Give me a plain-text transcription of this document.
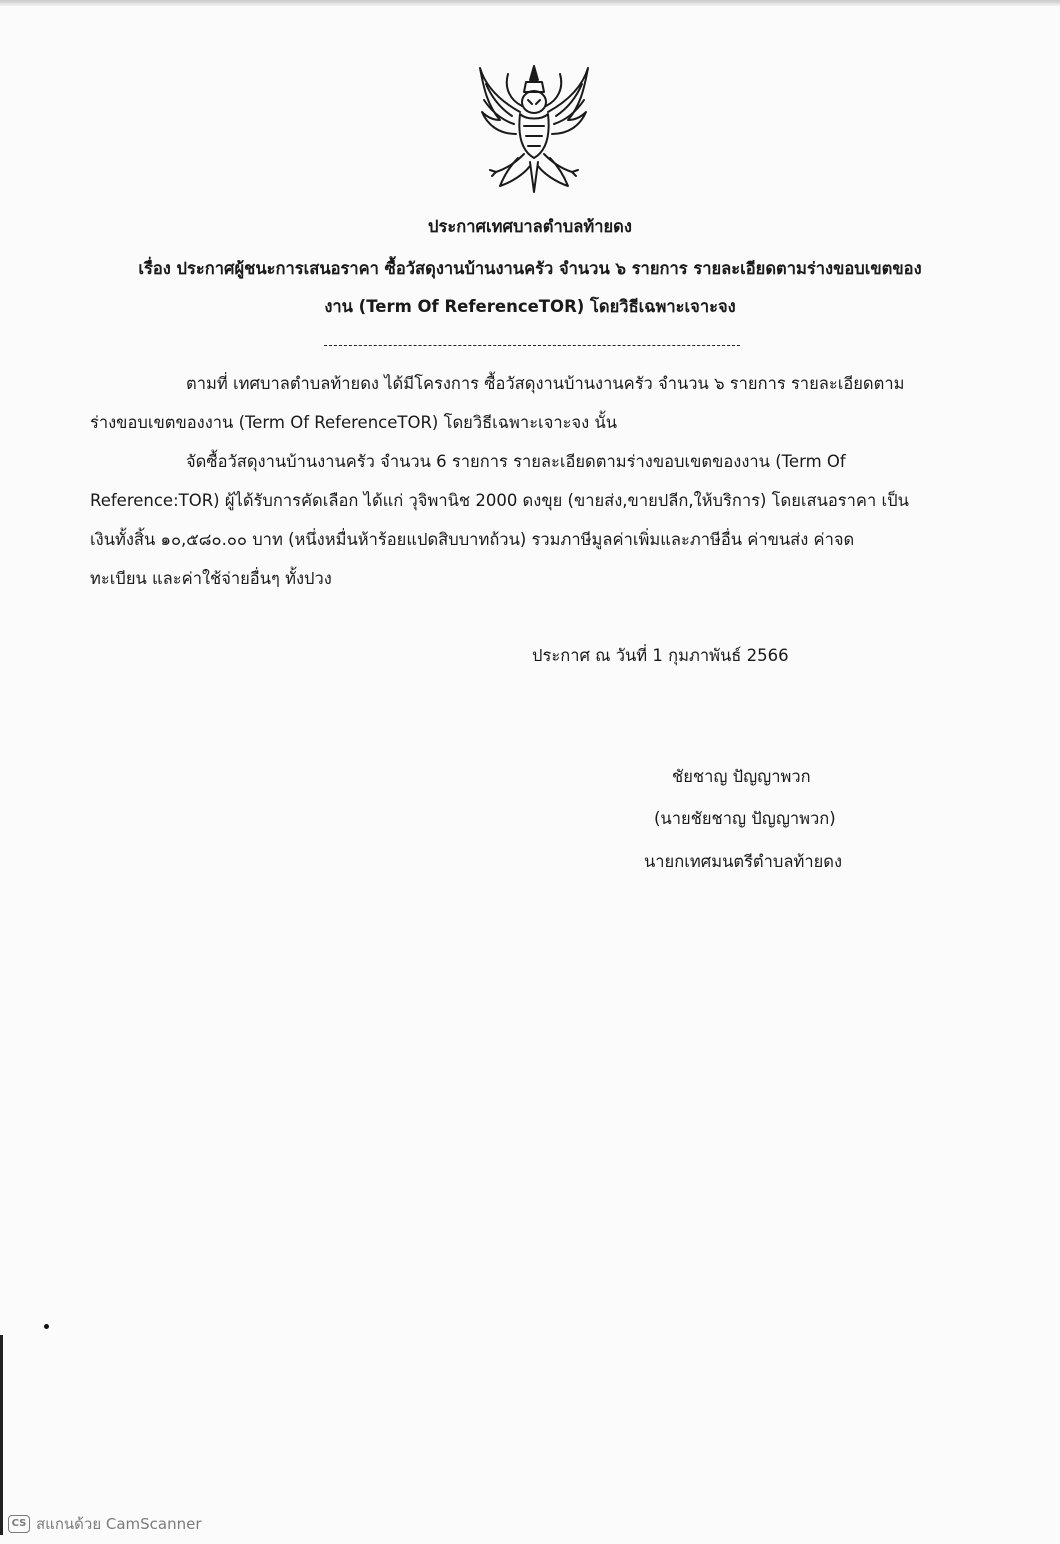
ประกาศเทศบาลตำบลท้ายดง
เรื่อง ประกาศผู้ชนะการเสนอราคา ซื้อวัสดุงานบ้านงานครัว จำนวน ๖ รายการ รายละเอียดตามร่างขอบเขตของ
งาน (Term Of ReferenceTOR) โดยวิธีเฉพาะเจาะจง
ตามที่ เทศบาลตำบลท้ายดง ได้มีโครงการ ซื้อวัสดุงานบ้านงานครัว จำนวน ๖ รายการ รายละเอียดตาม
ร่างขอบเขตของงาน (Term Of ReferenceTOR) โดยวิธีเฉพาะเจาะจง นั้น
จัดซื้อวัสดุงานบ้านงานครัว จำนวน 6 รายการ รายละเอียดตามร่างขอบเขตของงาน (Term Of
Reference:TOR) ผู้ได้รับการคัดเลือก ได้แก่ วุจิพานิช 2000 ดงขุย (ขายส่ง,ขายปลีก,ให้บริการ) โดยเสนอราคา เป็น
เงินทั้งสิ้น ๑๐,๕๘๐.๐๐ บาท (หนึ่งหมื่นห้าร้อยแปดสิบบาทถ้วน) รวมภาษีมูลค่าเพิ่มและภาษีอื่น ค่าขนส่ง ค่าจด
ทะเบียน และค่าใช้จ่ายอื่นๆ ทั้งปวง
ประกาศ ณ วันที่ 1 กุมภาพันธ์ 2566
ชัยชาญ ปัญญาพวก
(นายชัยชาญ ปัญญาพวก)
นายกเทศมนตรีตำบลท้ายดง
CS สแกนด้วย CamScanner
